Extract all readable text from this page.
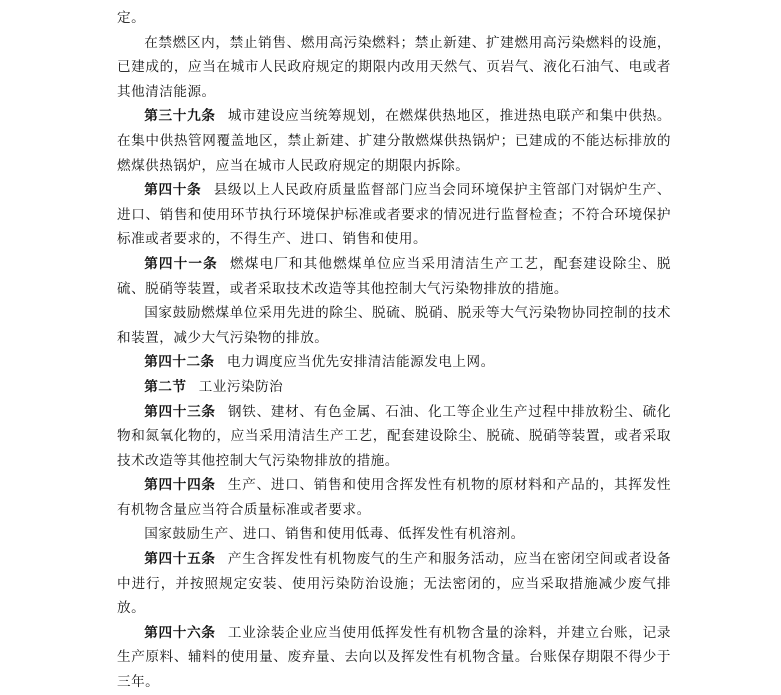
定。

在禁燃区内，禁止销售、燃用高污染燃料；禁止新建、扩建燃用高污染燃料的设施，已建成的，应当在城市人民政府规定的期限内改用天然气、页岩气、液化石油气、电或者其他清洁能源。

第三十九条 城市建设应当统筹规划，在燃煤供热地区，推进热电联产和集中供热。在集中供热管网覆盖地区，禁止新建、扩建分散燃煤供热锅炉；已建成的不能达标排放的燃煤供热锅炉，应当在城市人民政府规定的期限内拆除。

第四十条 县级以上人民政府质量监督部门应当会同环境保护主管部门对锅炉生产、进口、销售和使用环节执行环境保护标准或者要求的情况进行监督检查；不符合环境保护标准或者要求的，不得生产、进口、销售和使用。

第四十一条 燃煤电厂和其他燃煤单位应当采用清洁生产工艺，配套建设除尘、脱硫、脱硝等装置，或者采取技术改造等其他控制大气污染物排放的措施。

国家鼓励燃煤单位采用先进的除尘、脱硫、脱硝、脱汞等大气污染物协同控制的技术和装置，减少大气污染物的排放。

第四十二条 电力调度应当优先安排清洁能源发电上网。

第二节 工业污染防治

第四十三条 钢铁、建材、有色金属、石油、化工等企业生产过程中排放粉尘、硫化物和氮氧化物的，应当采用清洁生产工艺，配套建设除尘、脱硫、脱硝等装置，或者采取技术改造等其他控制大气污染物排放的措施。

第四十四条 生产、进口、销售和使用含挥发性有机物的原材料和产品的，其挥发性有机物含量应当符合质量标准或者要求。

国家鼓励生产、进口、销售和使用低毒、低挥发性有机溶剂。

第四十五条 产生含挥发性有机物废气的生产和服务活动，应当在密闭空间或者设备中进行，并按照规定安装、使用污染防治设施；无法密闭的，应当采取措施减少废气排放。

第四十六条 工业涂装企业应当使用低挥发性有机物含量的涂料，并建立台账，记录生产原料、辅料的使用量、废弃量、去向以及挥发性有机物含量。台账保存期限不得少于三年。
